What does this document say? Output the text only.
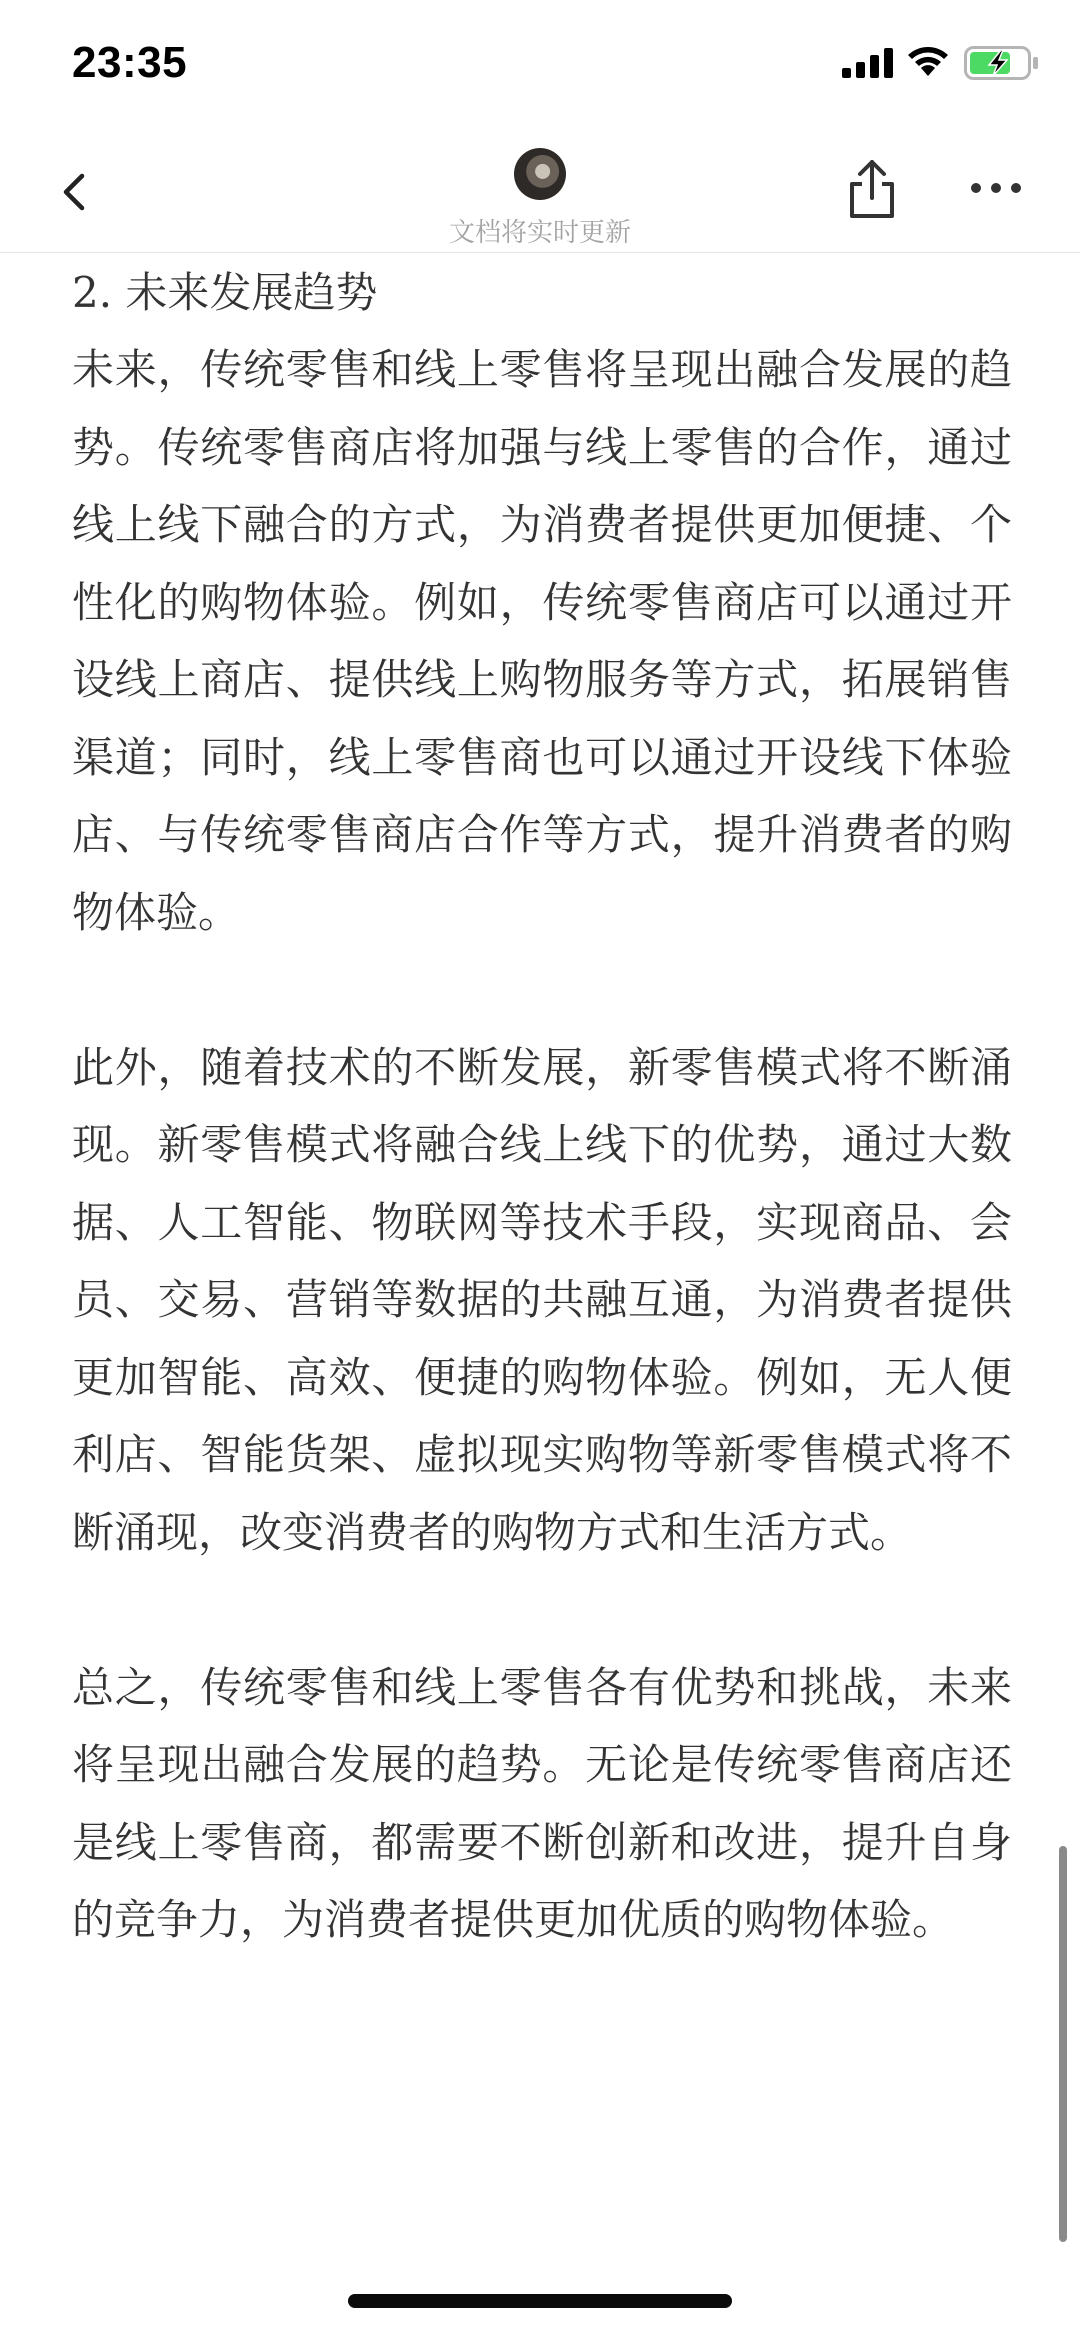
23:35
文档将实时更新
2. 未来发展趋势

未来，传统零售和线上零售将呈现出融合发展的趋势。传统零售商店将加强与线上零售的合作，通过线上线下融合的方式，为消费者提供更加便捷、个性化的购物体验。例如，传统零售商店可以通过开设线上商店、提供线上购物服务等方式，拓展销售渠道；同时，线上零售商也可以通过开设线下体验店、与传统零售商店合作等方式，提升消费者的购物体验。

此外，随着技术的不断发展，新零售模式将不断涌现。新零售模式将融合线上线下的优势，通过大数据、人工智能、物联网等技术手段，实现商品、会员、交易、营销等数据的共融互通，为消费者提供更加智能、高效、便捷的购物体验。例如，无人便利店、智能货架、虚拟现实购物等新零售模式将不断涌现，改变消费者的购物方式和生活方式。

总之，传统零售和线上零售各有优势和挑战，未来将呈现出融合发展的趋势。无论是传统零售商店还是线上零售商，都需要不断创新和改进，提升自身的竞争力，为消费者提供更加优质的购物体验。
